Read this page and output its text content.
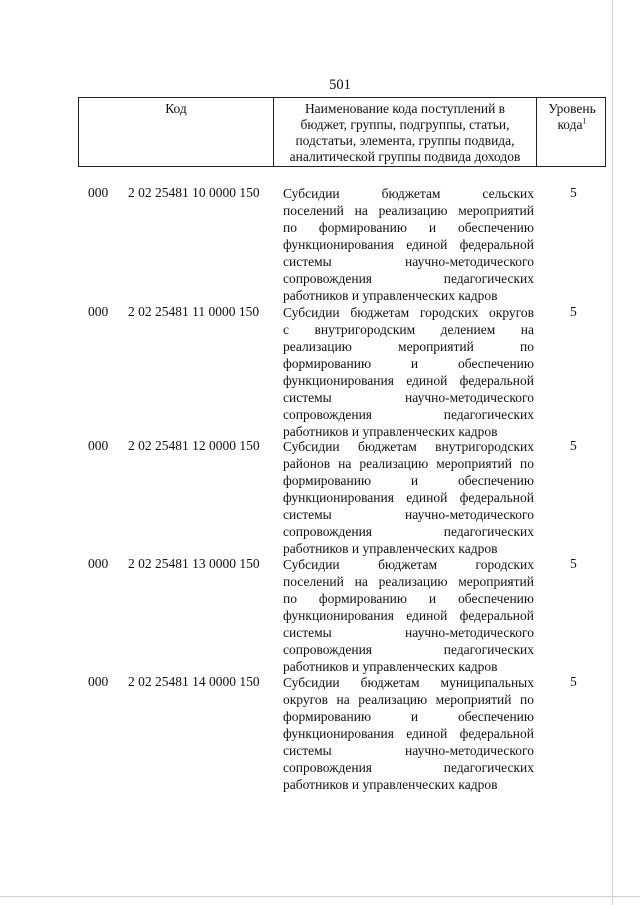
501
Код	Наименование кода поступлений в
бюджет, группы, подгруппы, статьи,
подстатьи, элемента, группы подвида,
аналитической группы подвида доходов
Уровень
кода$^1$
000 2 02 25481 10 0000 150 Субсидии бюджетам сельских
поселений на реализацию мероприятий
по формированию и обеспечению
функционирования единой федеральной
системы научно-методического
сопровождения педагогических
работников и управленческих кадров
5
000 2 02 25481 11 0000 150 Субсидии бюджетам городских округов
с внутригородским делением на
реализацию мероприятий по
формированию и обеспечению
функционирования единой федеральной
системы научно-методического
сопровождения педагогических
работников и управленческих кадров
5
000 2 02 25481 12 0000 150 Субсидии бюджетам внутригородских
районов на реализацию мероприятий по
формированию и обеспечению
функционирования единой федеральной
системы научно-методического
сопровождения педагогических
работников и управленческих кадров
5
000 2 02 25481 13 0000 150 Субсидии бюджетам городских
поселений на реализацию мероприятий
по формированию и обеспечению
функционирования единой федеральной
системы научно-методического
сопровождения педагогических
работников и управленческих кадров
5
000 2 02 25481 14 0000 150 Субсидии бюджетам муниципальных
округов на реализацию мероприятий по
формированию и обеспечению
функционирования единой федеральной
системы научно-методического
сопровождения педагогических
работников и управленческих кадров
5
